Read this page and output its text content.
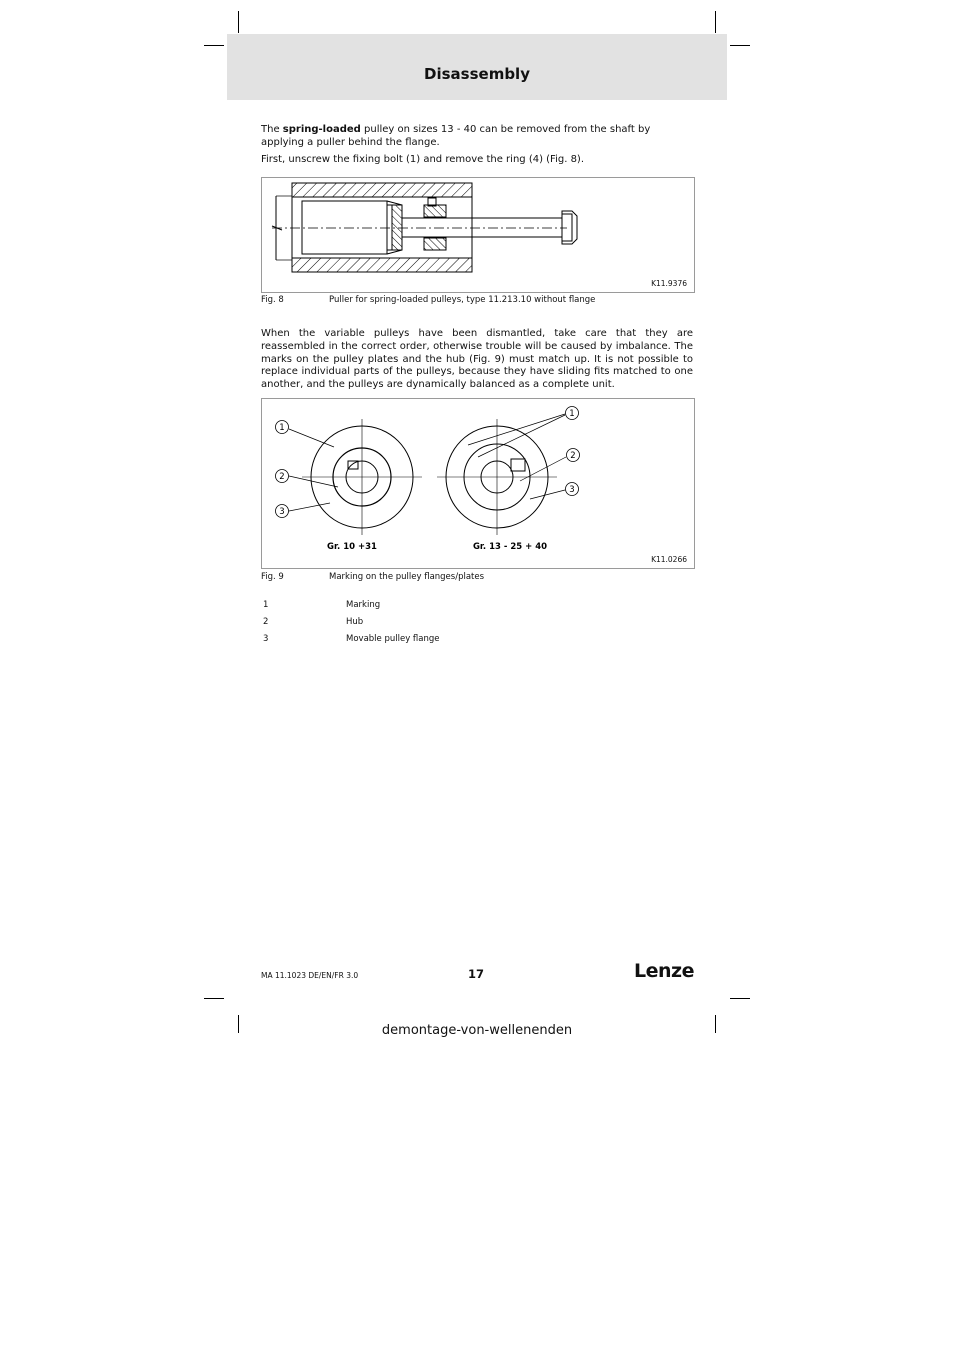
Disassembly

The spring-loaded pulley on sizes 13 - 40 can be removed from the shaft by applying a puller behind the flange.

First, unscrew the fixing bolt (1) and remove the ring (4) (Fig. 8).

K11.9376
Fig. 8	Puller for spring-loaded pulleys, type 11.213.10 without flange

When the variable pulleys have been dismantled, take care that they are reassembled in the correct order, otherwise trouble will be caused by imbalance. The marks on the pulley plates and the hub (Fig. 9) must match up. It is not possible to replace individual parts of the pulleys, because they have sliding fits matched to one another, and the pulleys are dynamically balanced as a complete unit.

1
2
3
1
2
3
Gr. 10 +31	Gr. 13 - 25 + 40
K11.0266
Fig. 9	Marking on the pulley flanges/plates
1	Marking
2	Hub
3	Movable pulley flange
MA 11.1023 DE/EN/FR 3.0	17	Lenze
demontage-von-wellenenden
